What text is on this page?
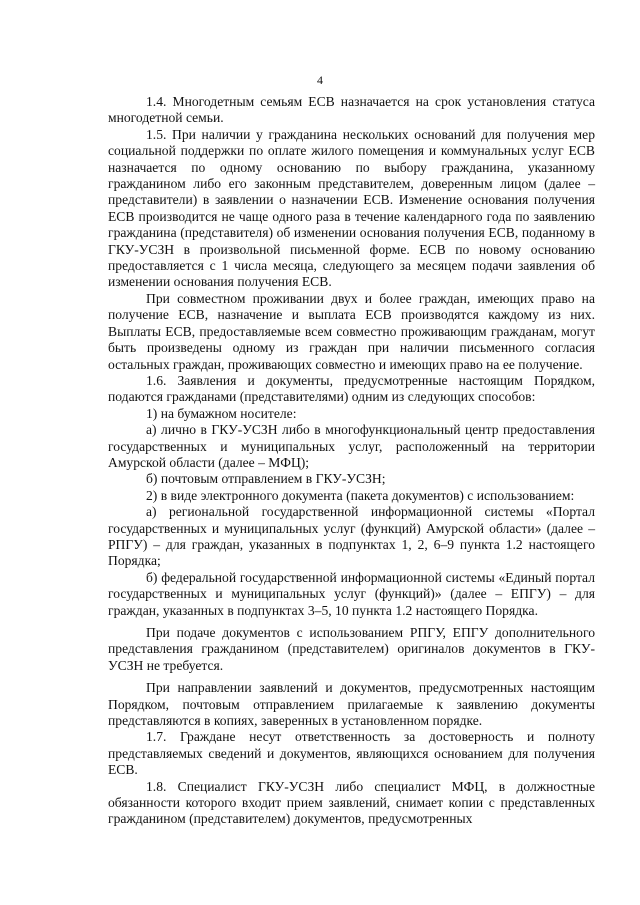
4

1.4. Многодетным семьям ЕСВ назначается на срок установления статуса многодетной семьи.

1.5. При наличии у гражданина нескольких оснований для получения мер социальной поддержки по оплате жилого помещения и коммунальных услуг ЕСВ назначается по одному основанию по выбору гражданина, указанному гражданином либо его законным представителем, доверенным лицом (далее – представители) в заявлении о назначении ЕСВ. Изменение основания получения ЕСВ производится не чаще одного раза в течение календарного года по заявлению гражданина (представителя) об изменении основания получения ЕСВ, поданному в ГКУ-УСЗН в произвольной письменной форме. ЕСВ по новому основанию предоставляется с 1 числа месяца, следующего за месяцем подачи заявления об изменении основания получения ЕСВ.

При совместном проживании двух и более граждан, имеющих право на получение ЕСВ, назначение и выплата ЕСВ производятся каждому из них. Выплаты ЕСВ, предоставляемые всем совместно проживающим гражданам, могут быть произведены одному из граждан при наличии письменного согласия остальных граждан, проживающих совместно и имеющих право на ее получение.

1.6. Заявления и документы, предусмотренные настоящим Порядком, подаются гражданами (представителями) одним из следующих способов:

1) на бумажном носителе:

а) лично в ГКУ-УСЗН либо в многофункциональный центр предоставления государственных и муниципальных услуг, расположенный на территории Амурской области (далее – МФЦ);

б) почтовым отправлением в ГКУ-УСЗН;

2) в виде электронного документа (пакета документов) с использованием:

а) региональной государственной информационной системы «Портал государственных и муниципальных услуг (функций) Амурской области» (далее – РПГУ) – для граждан, указанных в подпунктах 1, 2, 6–9 пункта 1.2 настоящего Порядка;

б) федеральной государственной информационной системы «Единый портал государственных и муниципальных услуг (функций)» (далее – ЕПГУ) – для граждан, указанных в подпунктах 3–5, 10 пункта 1.2 настоящего Порядка.

При подаче документов с использованием РПГУ, ЕПГУ дополнительного представления гражданином (представителем) оригиналов документов в ГКУ-УСЗН не требуется.

При направлении заявлений и документов, предусмотренных настоящим Порядком, почтовым отправлением прилагаемые к заявлению документы представляются в копиях, заверенных в установленном порядке.

1.7. Граждане несут ответственность за достоверность и полноту представляемых сведений и документов, являющихся основанием для получения ЕСВ.

1.8. Специалист ГКУ-УСЗН либо специалист МФЦ, в должностные обязанности которого входит прием заявлений, снимает копии с представленных гражданином (представителем) документов, предусмотренных
